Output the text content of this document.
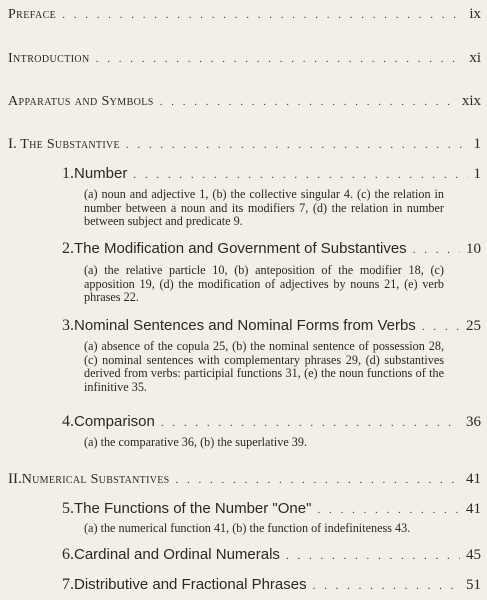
Preface . . .	ix
Introduction . . .	xi
Apparatus and Symbols . . .	xix
I. The Substantive . . .	1
1. Number . . .	1
(a) noun and adjective 1, (b) the collective singular 4. (c) the relation in number between a noun and its modifiers 7, (d) the relation in number between subject and predicate 9.
2. The Modification and Government of Substantives . . .	10
(a) the relative particle 10, (b) anteposition of the modifier 18, (c) apposition 19, (d) the modification of adjectives by nouns 21, (e) verb phrases 22.
3. Nominal Sentences and Nominal Forms from Verbs . . .	25
(a) absence of the copula 25, (b) the nominal sentence of possession 28, (c) nominal sentences with complementary phrases 29, (d) substantives derived from verbs: participial functions 31, (e) the noun functions of the infinitive 35.
4. Comparison . . .	36
(a) the comparative 36, (b) the superlative 39.
II. Numerical Substantives . . .	41
5. The Functions of the Number "One" . . .	41
(a) the numerical function 41, (b) the function of indefiniteness 43.
6. Cardinal and Ordinal Numerals . . .	45
7. Distributive and Fractional Phrases . . .	51
